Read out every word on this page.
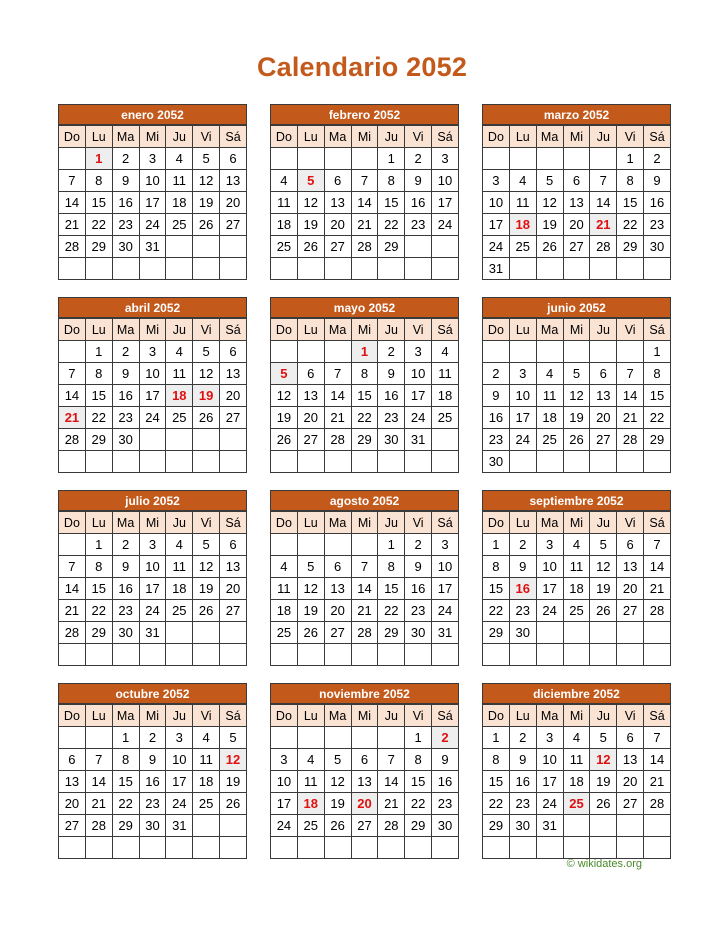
Calendario 2052
enero 2052
Do	Lu	Ma	Mi	Ju	Vi	Sá
	1	2	3	4	5	6
7	8	9	10	11	12	13
14	15	16	17	18	19	20
21	22	23	24	25	26	27
28	29	30	31			

febrero 2052
Do	Lu	Ma	Mi	Ju	Vi	Sá
				1	2	3
4	5	6	7	8	9	10
11	12	13	14	15	16	17
18	19	20	21	22	23	24
25	26	27	28	29		

marzo 2052
Do	Lu	Ma	Mi	Ju	Vi	Sá
					1	2
3	4	5	6	7	8	9
10	11	12	13	14	15	16
17	18	19	20	21	22	23
24	25	26	27	28	29	30
31						
abril 2052
Do	Lu	Ma	Mi	Ju	Vi	Sá
	1	2	3	4	5	6
7	8	9	10	11	12	13
14	15	16	17	18	19	20
21	22	23	24	25	26	27
28	29	30				

mayo 2052
Do	Lu	Ma	Mi	Ju	Vi	Sá
			1	2	3	4
5	6	7	8	9	10	11
12	13	14	15	16	17	18
19	20	21	22	23	24	25
26	27	28	29	30	31	

junio 2052
Do	Lu	Ma	Mi	Ju	Vi	Sá
						1
2	3	4	5	6	7	8
9	10	11	12	13	14	15
16	17	18	19	20	21	22
23	24	25	26	27	28	29
30						
julio 2052
Do	Lu	Ma	Mi	Ju	Vi	Sá
	1	2	3	4	5	6
7	8	9	10	11	12	13
14	15	16	17	18	19	20
21	22	23	24	25	26	27
28	29	30	31			

agosto 2052
Do	Lu	Ma	Mi	Ju	Vi	Sá
				1	2	3
4	5	6	7	8	9	10
11	12	13	14	15	16	17
18	19	20	21	22	23	24
25	26	27	28	29	30	31

septiembre 2052
Do	Lu	Ma	Mi	Ju	Vi	Sá
1	2	3	4	5	6	7
8	9	10	11	12	13	14
15	16	17	18	19	20	21
22	23	24	25	26	27	28
29	30					

octubre 2052
Do	Lu	Ma	Mi	Ju	Vi	Sá
		1	2	3	4	5
6	7	8	9	10	11	12
13	14	15	16	17	18	19
20	21	22	23	24	25	26
27	28	29	30	31		

noviembre 2052
Do	Lu	Ma	Mi	Ju	Vi	Sá
					1	2
3	4	5	6	7	8	9
10	11	12	13	14	15	16
17	18	19	20	21	22	23
24	25	26	27	28	29	30

diciembre 2052
Do	Lu	Ma	Mi	Ju	Vi	Sá
1	2	3	4	5	6	7
8	9	10	11	12	13	14
15	16	17	18	19	20	21
22	23	24	25	26	27	28
29	30	31				

© wikidates.org
